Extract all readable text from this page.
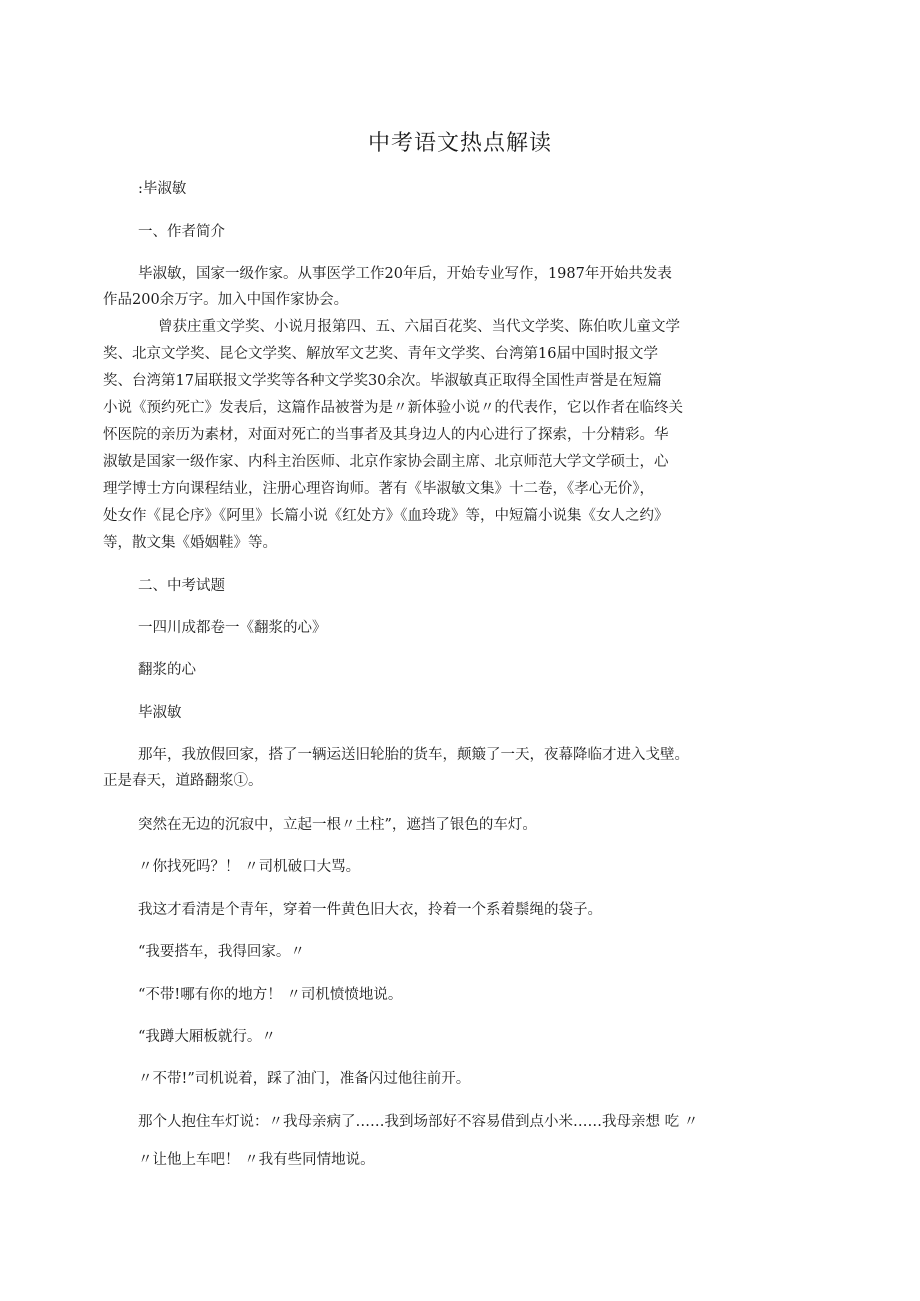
中考语文热点解读
:毕淑敏
一、作者简介
毕淑敏，国家一级作家。从事医学工作20年后，开始专业写作，1987年开始共发表
作品200余万字。加入中国作家协会。
曾获庄重文学奖、小说月报第四、五、六届百花奖、当代文学奖、陈伯吹儿童文学
奖、北京文学奖、昆仑文学奖、解放军文艺奖、青年文学奖、台湾第16届中国时报文学
奖、台湾第17届联报文学奖等各种文学奖30余次。毕淑敏真正取得全国性声誉是在短篇
小说《预约死亡》发表后，这篇作品被誉为是〃新体验小说〃的代表作，它以作者在临终关
怀医院的亲历为素材，对面对死亡的当事者及其身边人的内心进行了探索，十分精彩。华
淑敏是国家一级作家、内科主治医师、北京作家协会副主席、北京师范大学文学硕士，心
理学博士方向课程结业，注册心理咨询师。著有《毕淑敏文集》十二卷，《孝心无价》，
处女作《昆仑序》《阿里》长篇小说《红处方》《血玲珑》等，中短篇小说集《女人之约》
等，散文集《婚姻鞋》等。
二、中考试题
一四川成都卷一《翻浆的心》
翻浆的心
毕淑敏
那年，我放假回家，搭了一辆运送旧轮胎的货车，颠簸了一天，夜幕降临才进入戈壁。
正是春天，道路翻浆①。
突然在无边的沉寂中，立起一根〃土柱”，遮挡了银色的车灯。
〃你找死吗？！ 〃司机破口大骂。
我这才看清是个青年，穿着一件黄色旧大衣，拎着一个系着鬃绳的袋子。
“我要搭车，我得回家。〃
“不带!哪有你的地方！ 〃司机愤愤地说。
“我蹲大厢板就行。〃
〃不带!”司机说着，踩了油门，准备闪过他往前开。
那个人抱住车灯说：〃我母亲病了……我到场部好不容易借到点小米……我母亲想 吃 〃
〃让他上车吧！ 〃我有些同情地说。
